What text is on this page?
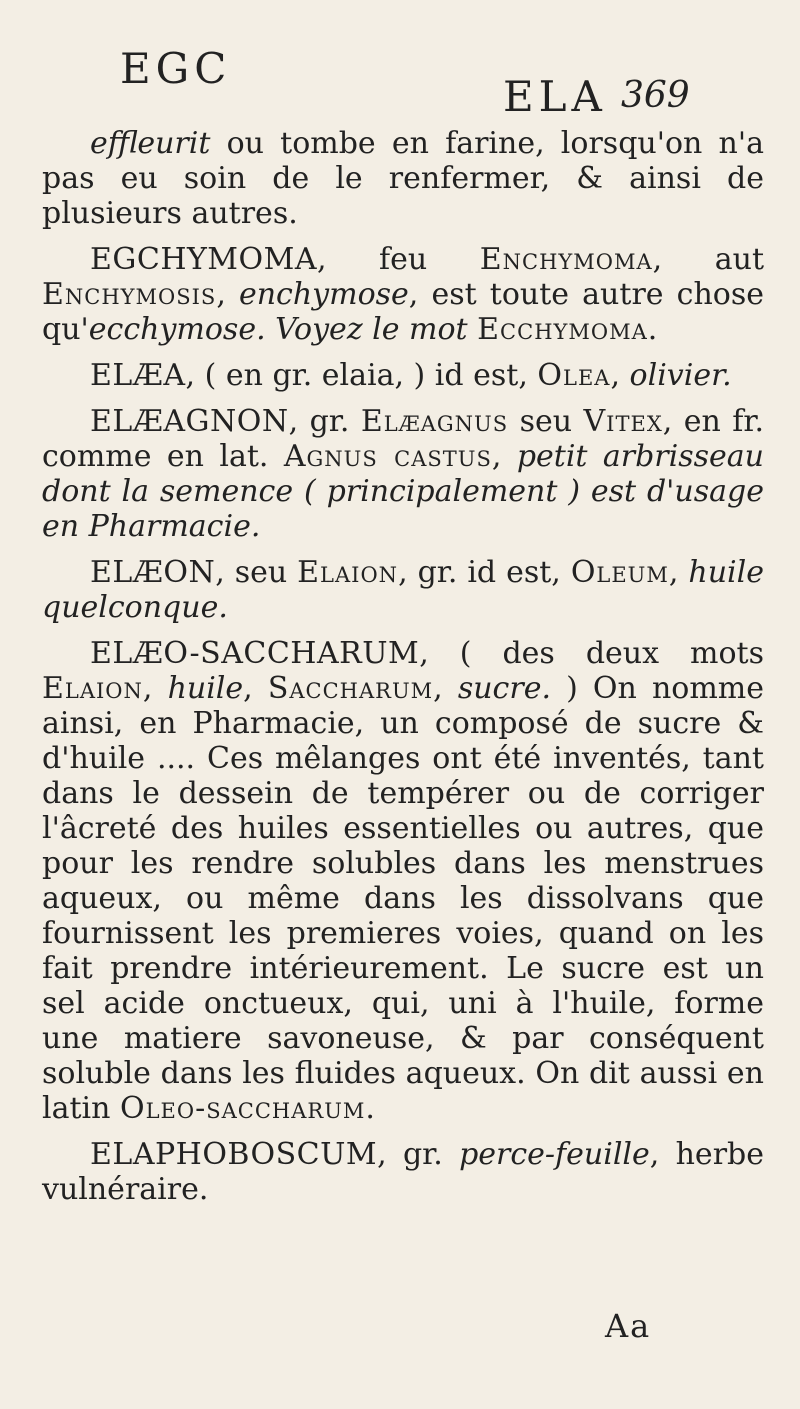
EGC
ELA 369

effleurit ou tombe en farine, lorsqu'on n'a pas eu soin de le renfermer, & ainsi de plusieurs autres.

EGCHYMOMA, feu Enchymoma, aut Enchymosis, enchymose, est toute autre chose qu'ecchymose. Voyez le mot Ecchymoma.

ELÆA, ( en gr. elaia, ) id est, Olea, olivier.

ELÆAGNON, gr. Elæagnus seu Vitex, en fr. comme en lat. Agnus castus, petit arbrisseau dont la semence ( principalement ) est d'usage en Pharmacie.

ELÆON, seu Elaion, gr. id est, Oleum, huile quelconque.

ELÆO-SACCHARUM, ( des deux mots Elaion, huile, Saccharum, sucre. ) On nomme ainsi, en Pharmacie, un composé de sucre & d'huile .... Ces mêlanges ont été inventés, tant dans le dessein de tempérer ou de corriger l'âcreté des huiles essentielles ou autres, que pour les rendre solubles dans les menstrues aqueux, ou même dans les dissolvans que fournissent les premieres voies, quand on les fait prendre intérieurement. Le sucre est un sel acide onctueux, qui, uni à l'huile, forme une matiere savoneuse, & par conséquent soluble dans les fluides aqueux. On dit aussi en latin Oleo-saccharum.

ELAPHOBOSCUM, gr. perce-feuille, herbe vulnéraire.

Aa
